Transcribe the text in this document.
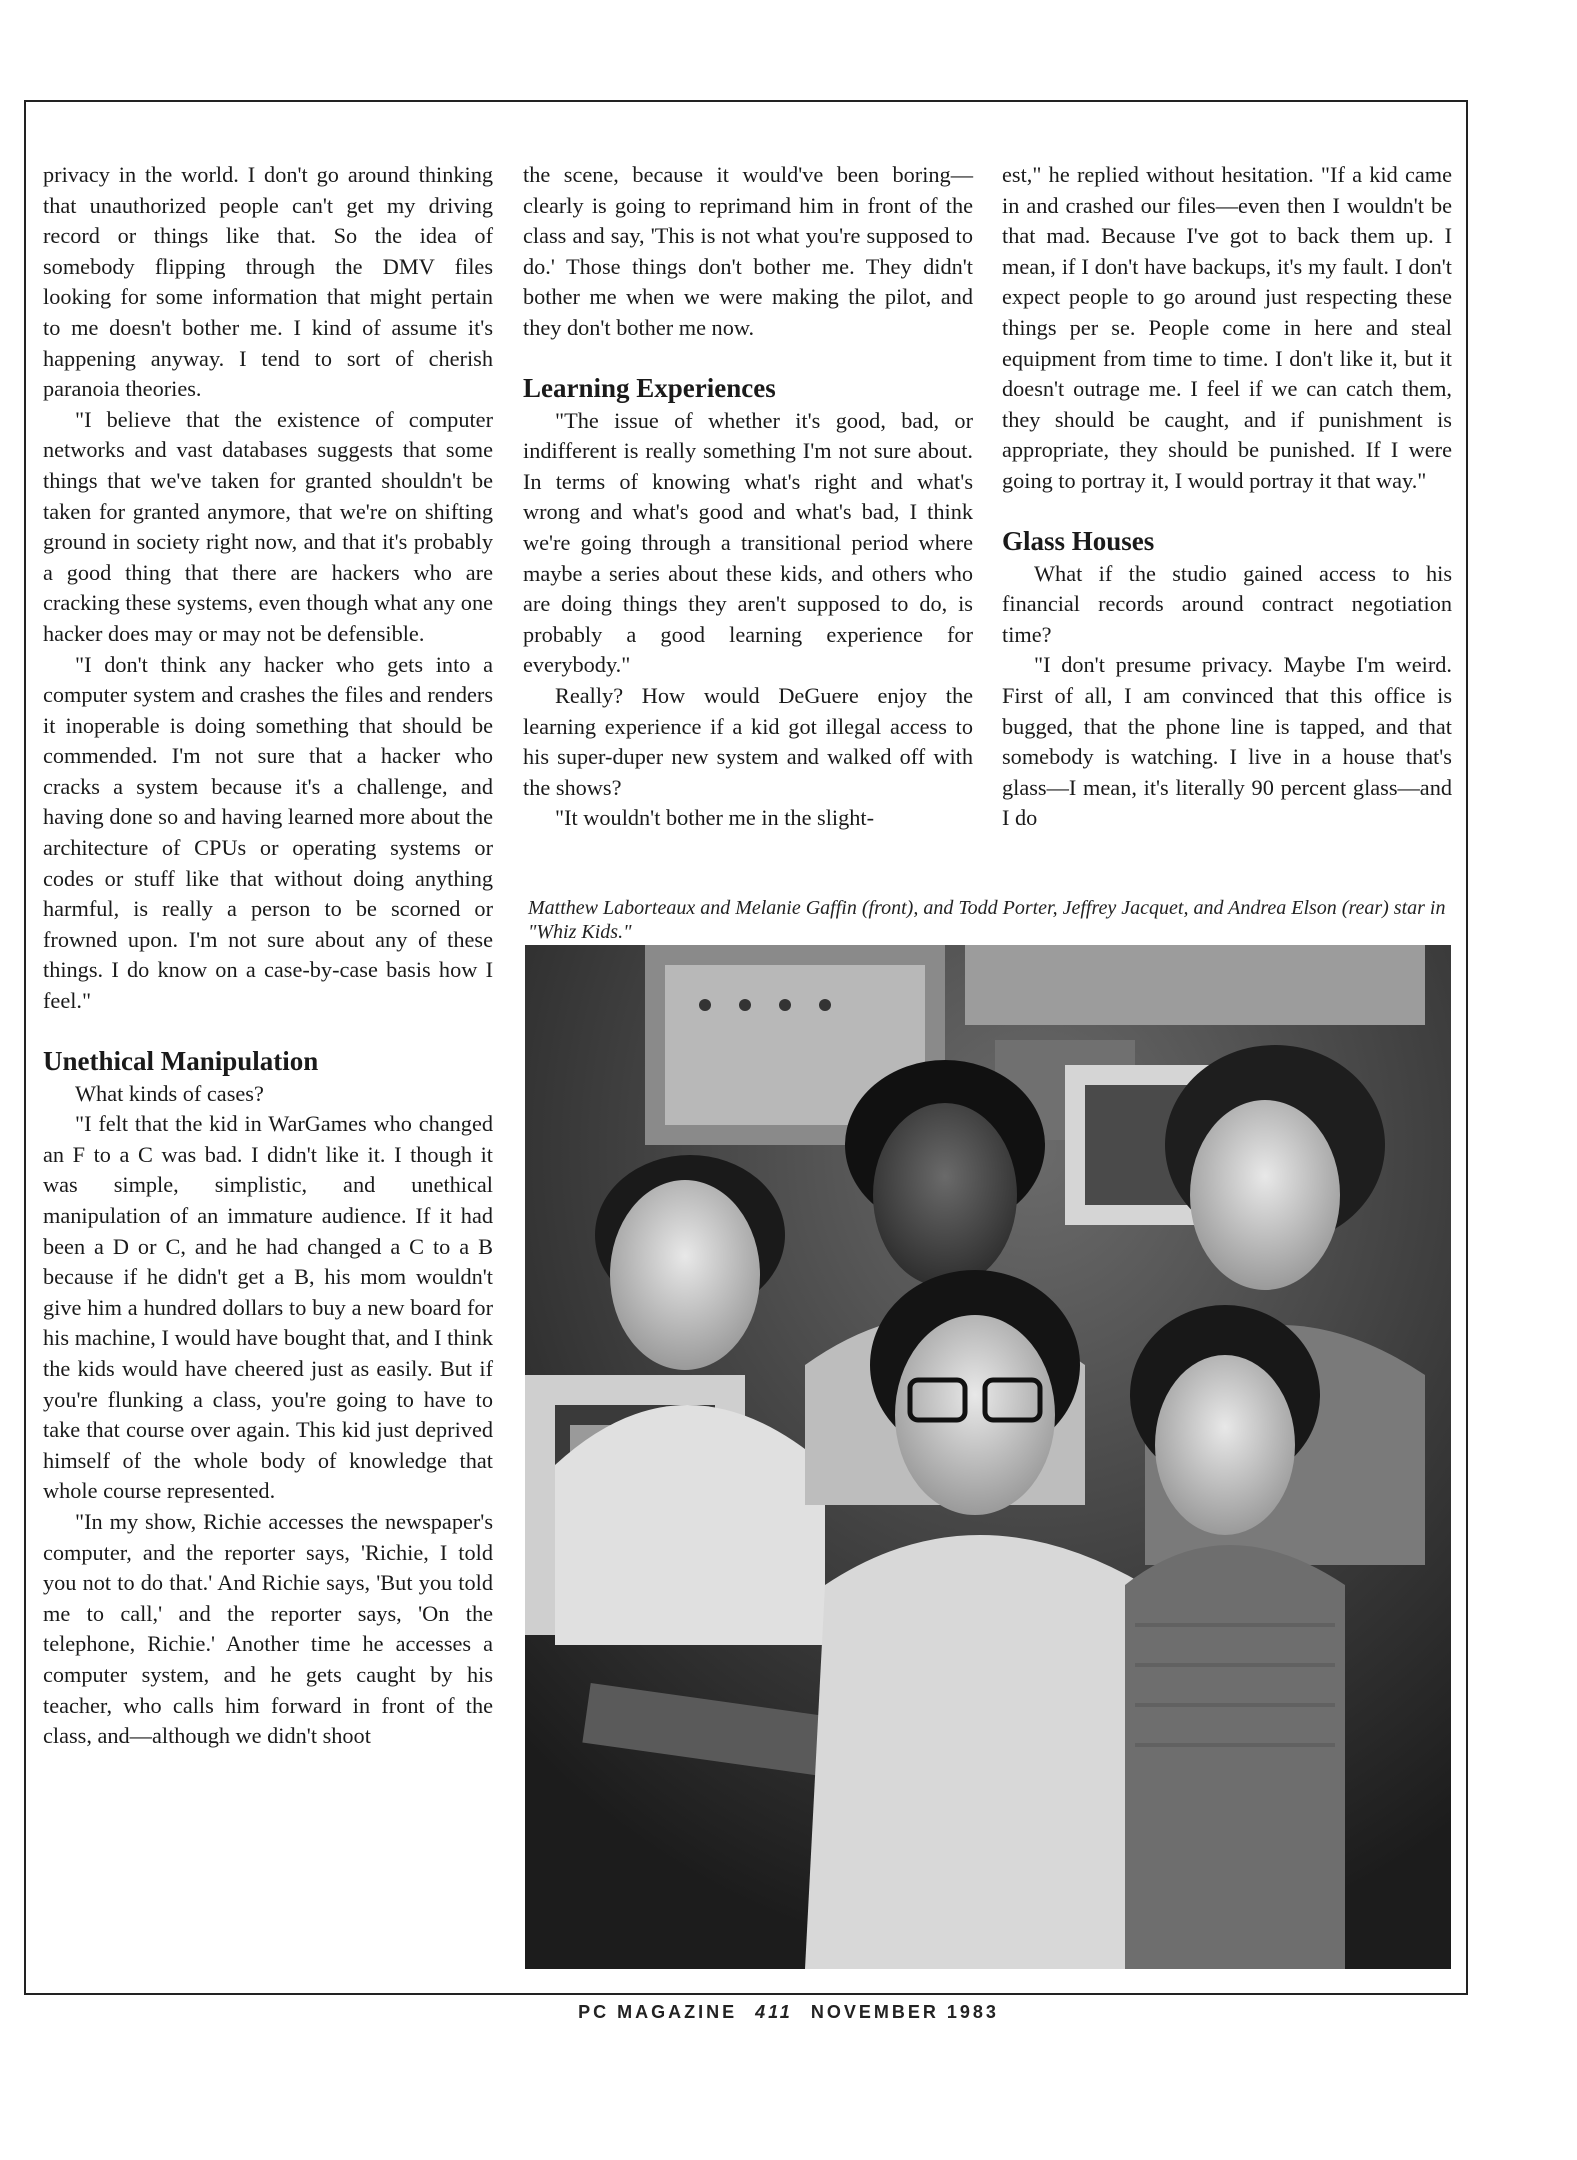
privacy in the world. I don't go around thinking that unauthorized people can't get my driving record or things like that. So the idea of somebody flipping through the DMV files looking for some information that might pertain to me doesn't bother me. I kind of assume it's happening anyway. I tend to sort of cherish paranoia theories.

"I believe that the existence of computer networks and vast databases suggests that some things that we've taken for granted shouldn't be taken for granted anymore, that we're on shifting ground in society right now, and that it's probably a good thing that there are hackers who are cracking these systems, even though what any one hacker does may or may not be defensible.

"I don't think any hacker who gets into a computer system and crashes the files and renders it inoperable is doing something that should be commended. I'm not sure that a hacker who cracks a system because it's a challenge, and having done so and having learned more about the architecture of CPUs or operating systems or codes or stuff like that without doing anything harmful, is really a person to be scorned or frowned upon. I'm not sure about any of these things. I do know on a case-by-case basis how I feel."

Unethical Manipulation

What kinds of cases?

"I felt that the kid in WarGames who changed an F to a C was bad. I didn't like it. I though it was simple, simplistic, and unethical manipulation of an immature audience. If it had been a D or C, and he had changed a C to a B because if he didn't get a B, his mom wouldn't give him a hundred dollars to buy a new board for his machine, I would have bought that, and I think the kids would have cheered just as easily. But if you're flunking a class, you're going to have to take that course over again. This kid just deprived himself of the whole body of knowledge that whole course represented.

"In my show, Richie accesses the newspaper's computer, and the reporter says, 'Richie, I told you not to do that.' And Richie says, 'But you told me to call,' and the reporter says, 'On the telephone, Richie.' Another time he accesses a computer system, and he gets caught by his teacher, who calls him forward in front of the class, and—although we didn't shoot

the scene, because it would've been boring—clearly is going to reprimand him in front of the class and say, 'This is not what you're supposed to do.' Those things don't bother me. They didn't bother me when we were making the pilot, and they don't bother me now.

Learning Experiences

"The issue of whether it's good, bad, or indifferent is really something I'm not sure about. In terms of knowing what's right and what's wrong and what's good and what's bad, I think we're going through a transitional period where maybe a series about these kids, and others who are doing things they aren't supposed to do, is probably a good learning experience for everybody."

Really? How would DeGuere enjoy the learning experience if a kid got illegal access to his super-duper new system and walked off with the shows?

"It wouldn't bother me in the slight-

est," he replied without hesitation. "If a kid came in and crashed our files—even then I wouldn't be that mad. Because I've got to back them up. I mean, if I don't have backups, it's my fault. I don't expect people to go around just respecting these things per se. People come in here and steal equipment from time to time. I don't like it, but it doesn't outrage me. I feel if we can catch them, they should be caught, and if punishment is appropriate, they should be punished. If I were going to portray it, I would portray it that way."

Glass Houses

What if the studio gained access to his financial records around contract negotiation time?

"I don't presume privacy. Maybe I'm weird. First of all, I am convinced that this office is bugged, that the phone line is tapped, and that somebody is watching. I live in a house that's glass—I mean, it's literally 90 percent glass—and I do

Matthew Laborteaux and Melanie Gaffin (front), and Todd Porter, Jeffrey Jacquet, and Andrea Elson (rear) star in "Whiz Kids."
PC MAGAZINE 411 NOVEMBER 1983
